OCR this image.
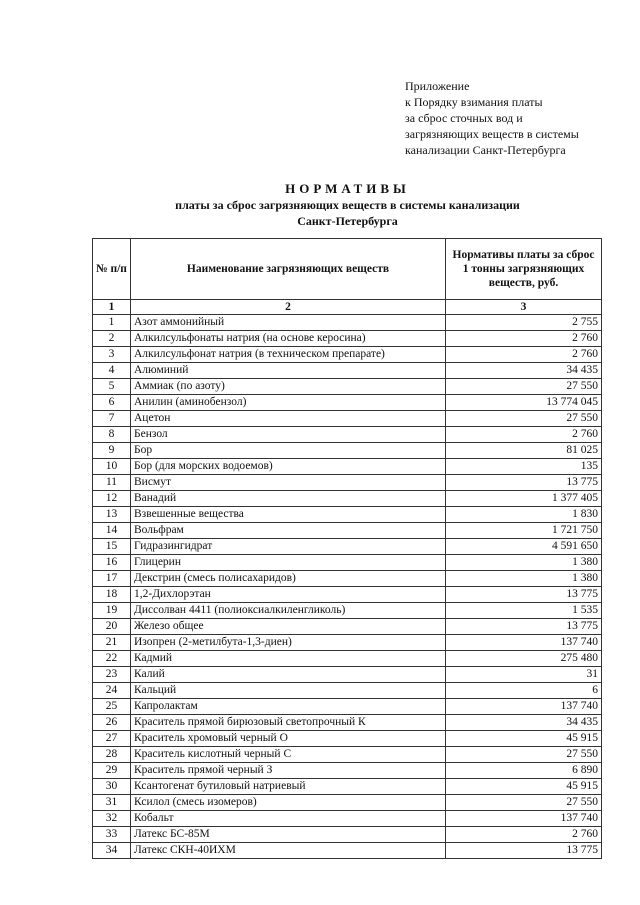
Приложение
к Порядку взимания платы
за сброс сточных вод и
загрязняющих веществ в системы
канализации Санкт-Петербурга
НОРМАТИВЫ
платы за сброс загрязняющих веществ в системы канализации
Санкт-Петербурга
№ п/п	Наименование загрязняющих веществ	Нормативы платы за сброс 1 тонны загрязняющих веществ, руб.
1	2	3
1	Азот аммонийный	2 755
2	Алкилсульфонаты натрия (на основе керосина)	2 760
3	Алкилсульфонат натрия (в техническом препарате)	2 760
4	Алюминий	34 435
5	Аммиак (по азоту)	27 550
6	Анилин (аминобензол)	13 774 045
7	Ацетон	27 550
8	Бензол	2 760
9	Бор	81 025
10	Бор (для морских водоемов)	135
11	Висмут	13 775
12	Ванадий	1 377 405
13	Взвешенные вещества	1 830
14	Вольфрам	1 721 750
15	Гидразингидрат	4 591 650
16	Глицерин	1 380
17	Декстрин (смесь полисахаридов)	1 380
18	1,2-Дихлорэтан	13 775
19	Диссолван 4411 (полиоксиалкиленгликоль)	1 535
20	Железо общее	13 775
21	Изопрен (2-метилбута-1,3-диен)	137 740
22	Кадмий	275 480
23	Калий	31
24	Кальций	6
25	Капролактам	137 740
26	Краситель прямой бирюзовый светопрочный К	34 435
27	Краситель хромовый черный О	45 915
28	Краситель кислотный черный С	27 550
29	Краситель прямой черный З	6 890
30	Ксантогенат бутиловый натриевый	45 915
31	Ксилол (смесь изомеров)	27 550
32	Кобальт	137 740
33	Латекс БС-85М	2 760
34	Латекс СКН-40ИХМ	13 775
